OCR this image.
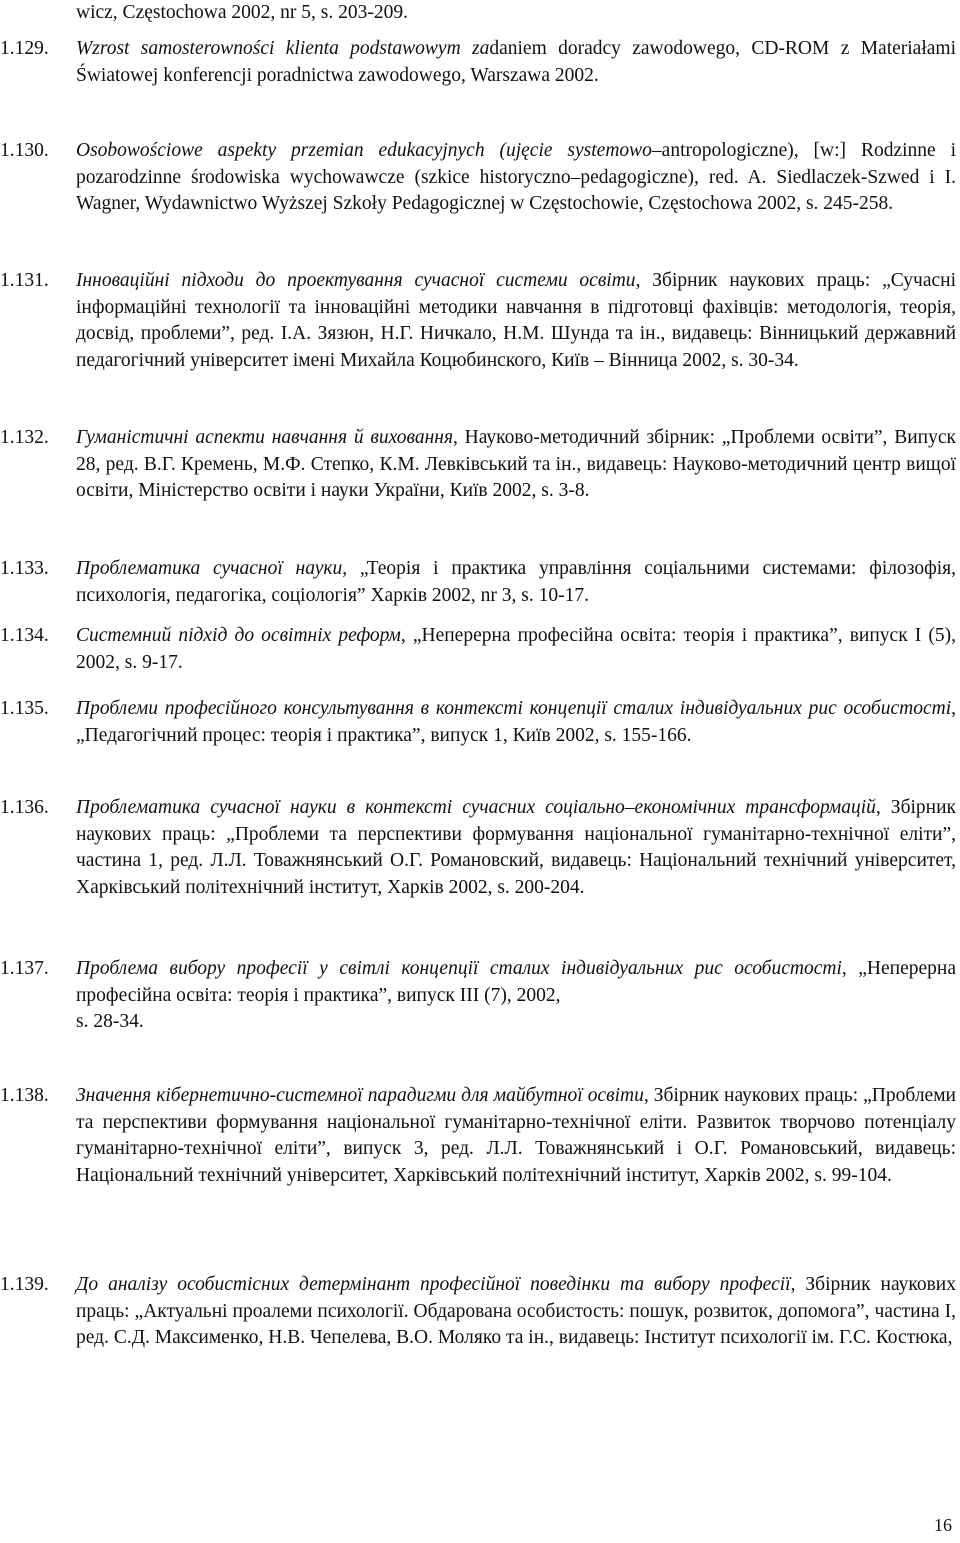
wicz, Częstochowa 2002, nr 5, s. 203-209.
1.129.	Wzrost samosterowności klienta podstawowym zadaniem doradcy zawodowego, CD-ROM z Materiałami Światowej konferencji poradnictwa zawodowego, Warszawa 2002.
1.130.	Osobowościowe aspekty przemian edukacyjnych (ujęcie systemowo–antropologiczne), [w:] Rodzinne i pozarodzinne środowiska wychowawcze (szkice historyczno–pedagogiczne), red. A. Siedlaczek-Szwed i I. Wagner, Wydawnictwo Wyższej Szkoły Pedagogicznej w Częstochowie, Częstochowa 2002, s. 245-258.
1.131.	Інноваційні підходи до проектування сучасної системи освіти, Збірник наукових праць: „Сучасні інформаційні технології та інноваційні методики навчання в підготовці фахівців: методологія, теорія, досвід, проблеми”, ред. І.А. Зязюн, Н.Г. Ничкало, Н.М. Шунда та ін., видавець: Вінницький державний педагогічний університет імені Михайла Коцюбинского, Київ – Вінница 2002, s. 30-34.
1.132.	Гуманістичні аспекти навчання й виховання, Науково-методичний збірник: „Проблеми освіти”, Випуск 28, ред. В.Г. Кремень, М.Ф. Степко, К.М. Левківський та ін., видавець: Науково-методичний центр вищої освіти, Міністерство освіти і науки України, Київ 2002, s. 3-8.
1.133.	Проблематика сучасної науки, „Теорія і практика управління соціальними системами: філозофія, психологія, педагогіка, соціологія” Харків 2002, nr 3, s. 10-17.
1.134.	Системний підхід до освітніх реформ, „Неперерна професійна освіта: теорія і практика”, випуск I (5), 2002, s. 9-17.
1.135.	Проблеми професійного консультування в контексті концепції сталих індивідуальних рис особистості, „Педагогічний процес: теорія і практика”, випуск 1, Київ 2002, s. 155-166.
1.136.	Проблематика сучасної науки в контексті сучасних соціально–економічних трансформацій, Збірник наукових праць: „Проблеми та перспективи формування національної гуманітарно-технічної еліти”, частина 1, ред. Л.Л. Товажнянський О.Г. Романовский, видавець: Національний технічний університет, Харківський політехнічний інститут, Харків 2002, s. 200-204.
1.137.	Проблема вибору професії у світлі концепції сталих індивідуальних рис особистості, „Неперерна професійна освіта: теорія і практика”, випуск III (7), 2002,
s. 28-34.
1.138.	Значення кібернетично-системної парадигми для майбутної освіти, Збірник наукових праць: „Проблеми та перспективи формування національної гуманітарно-технічної еліти. Развиток творчово потенціалу гуманітарно-технічної еліти”, випуск 3, ред. Л.Л. Товажнянський і О.Г. Романовський, видавець: Національний технічний університет, Харківський політехнічний інститут, Харків 2002, s. 99-104.
1.139.	До аналізу особистісних детермінант професійної поведінки та вибору професії, Збірник наукових праць: „Актуальні проалеми психології. Обдарована особистость: пошук, розвиток, допомога”, частина I, ред. С.Д. Максименко, Н.В. Чепелева, В.О. Моляко та ін., видавець: Інститут психології ім. Г.С. Костюка,
16
